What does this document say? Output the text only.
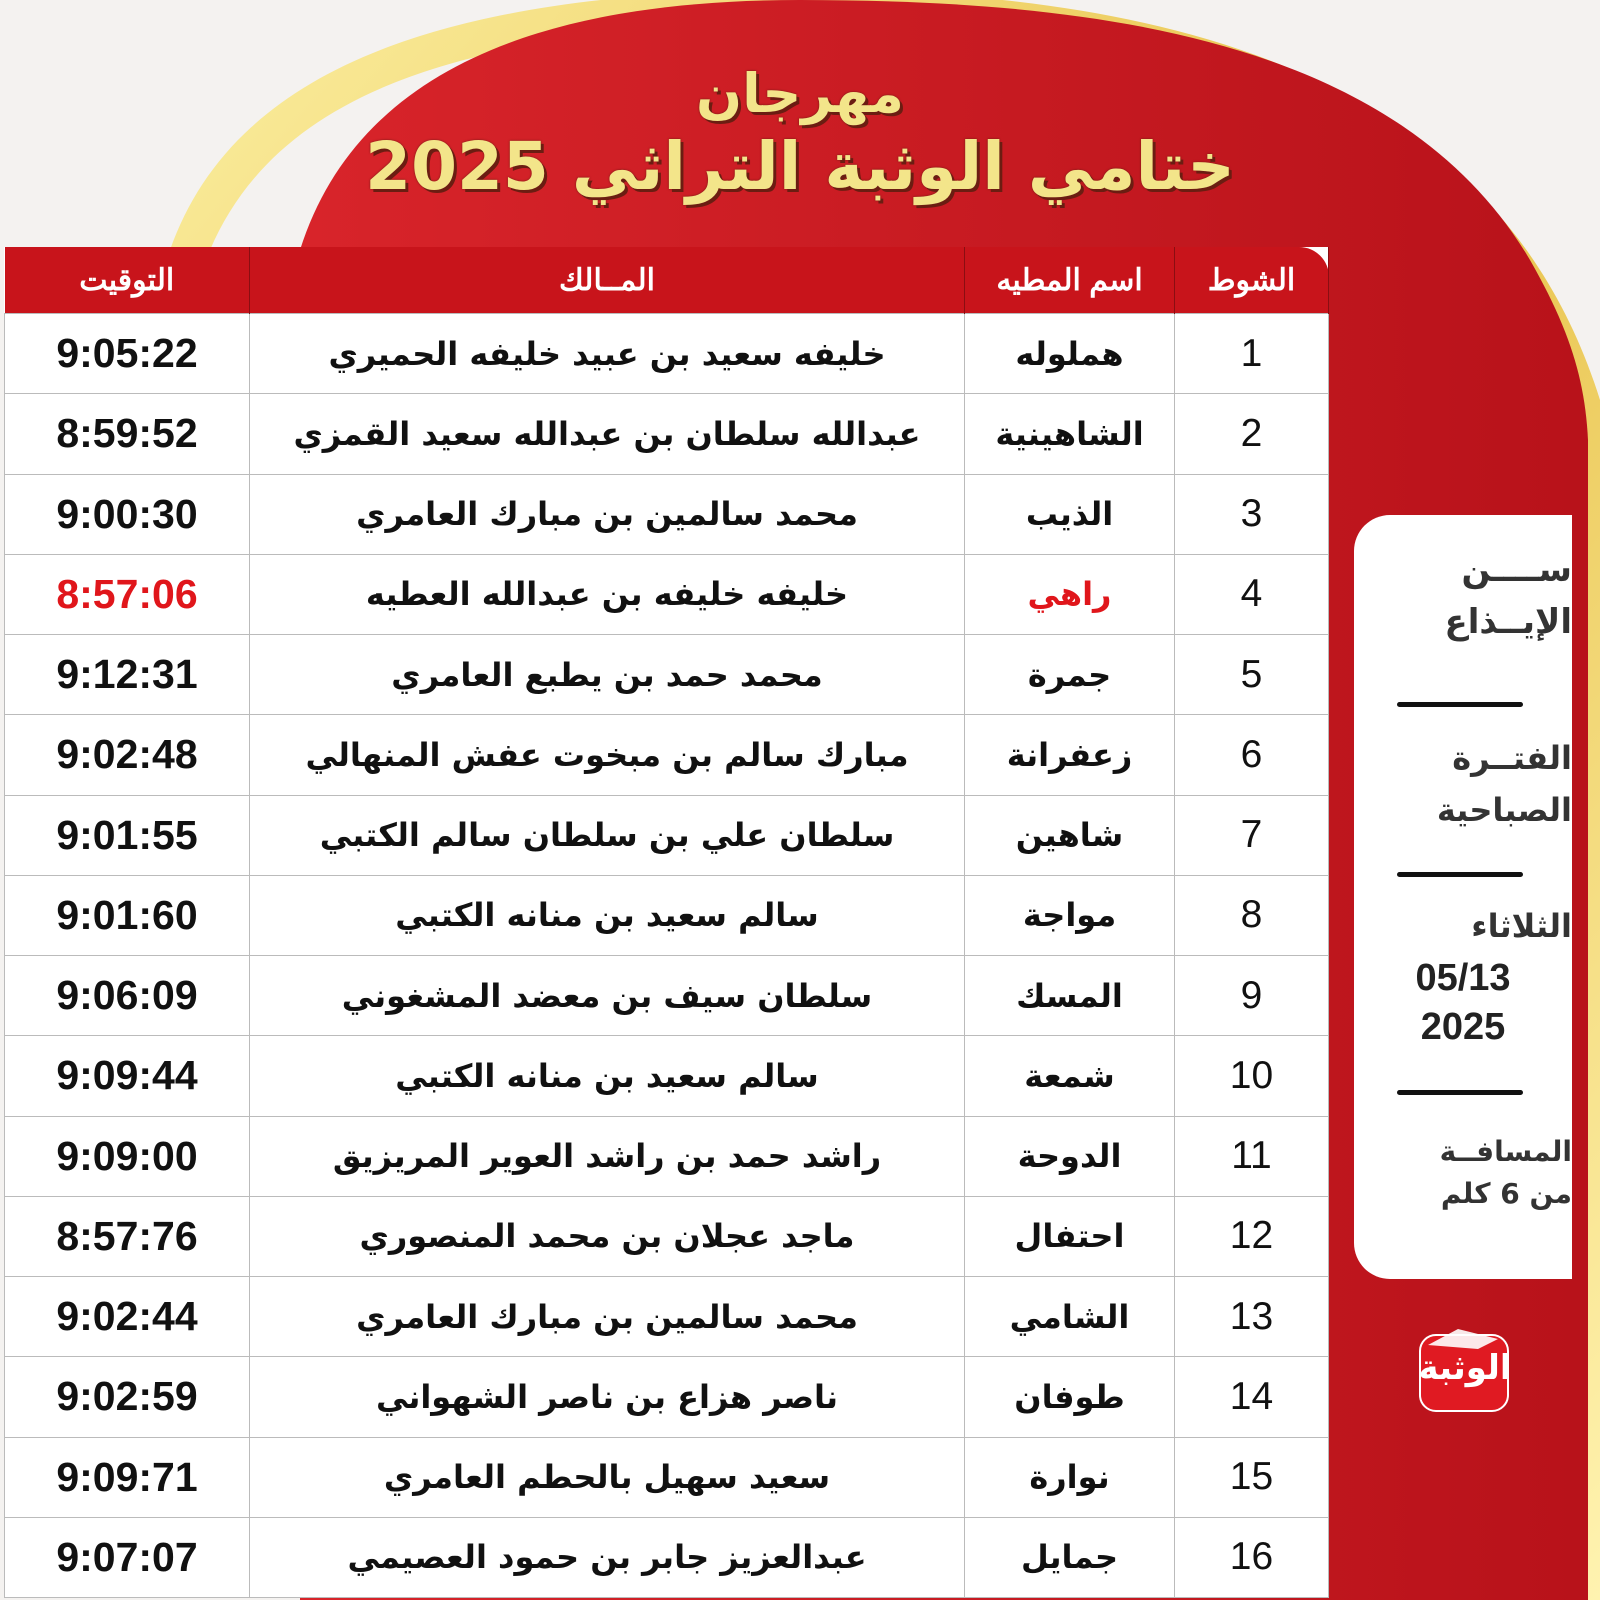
مهرجان
ختامي الوثبة التراثي 2025
التوقيت	المــالك	اسم المطيه	الشوط
9:05:22	خليفه سعيد بن عبيد خليفه الحميري	هملوله	1
8:59:52	عبدالله سلطان بن عبدالله سعيد القمزي	الشاهينية	2
9:00:30	محمد سالمين بن مبارك العامري	الذيب	3
8:57:06	خليفه خليفه بن عبدالله العطيه	راهي	4
9:12:31	محمد حمد بن يطبع العامري	جمرة	5
9:02:48	مبارك سالم بن مبخوت عفش المنهالي	زعفرانة	6
9:01:55	سلطان علي بن سلطان سالم الكتبي	شاهين	7
9:01:60	سالم سعيد بن منانه الكتبي	مواجة	8
9:06:09	سلطان سيف بن معضد المشغوني	المسك	9
9:09:44	سالم سعيد بن منانه الكتبي	شمعة	10
9:09:00	راشد حمد بن راشد العوير المريزيق	الدوحة	11
8:57:76	ماجد عجلان بن محمد المنصوري	احتفال	12
9:02:44	محمد سالمين بن مبارك العامري	الشامي	13
9:02:59	ناصر هزاع بن ناصر الشهواني	طوفان	14
9:09:71	سعيد سهيل بالحطم العامري	نوارة	15
9:07:07	عبدالعزيز جابر بن حمود العصيمي	جمايل	16
ســــن
الإيــذاع
الفتــرة
الصباحية
الثلاثاء
05/13
2025
المسافــة
من 6 كلم
الوثبة
